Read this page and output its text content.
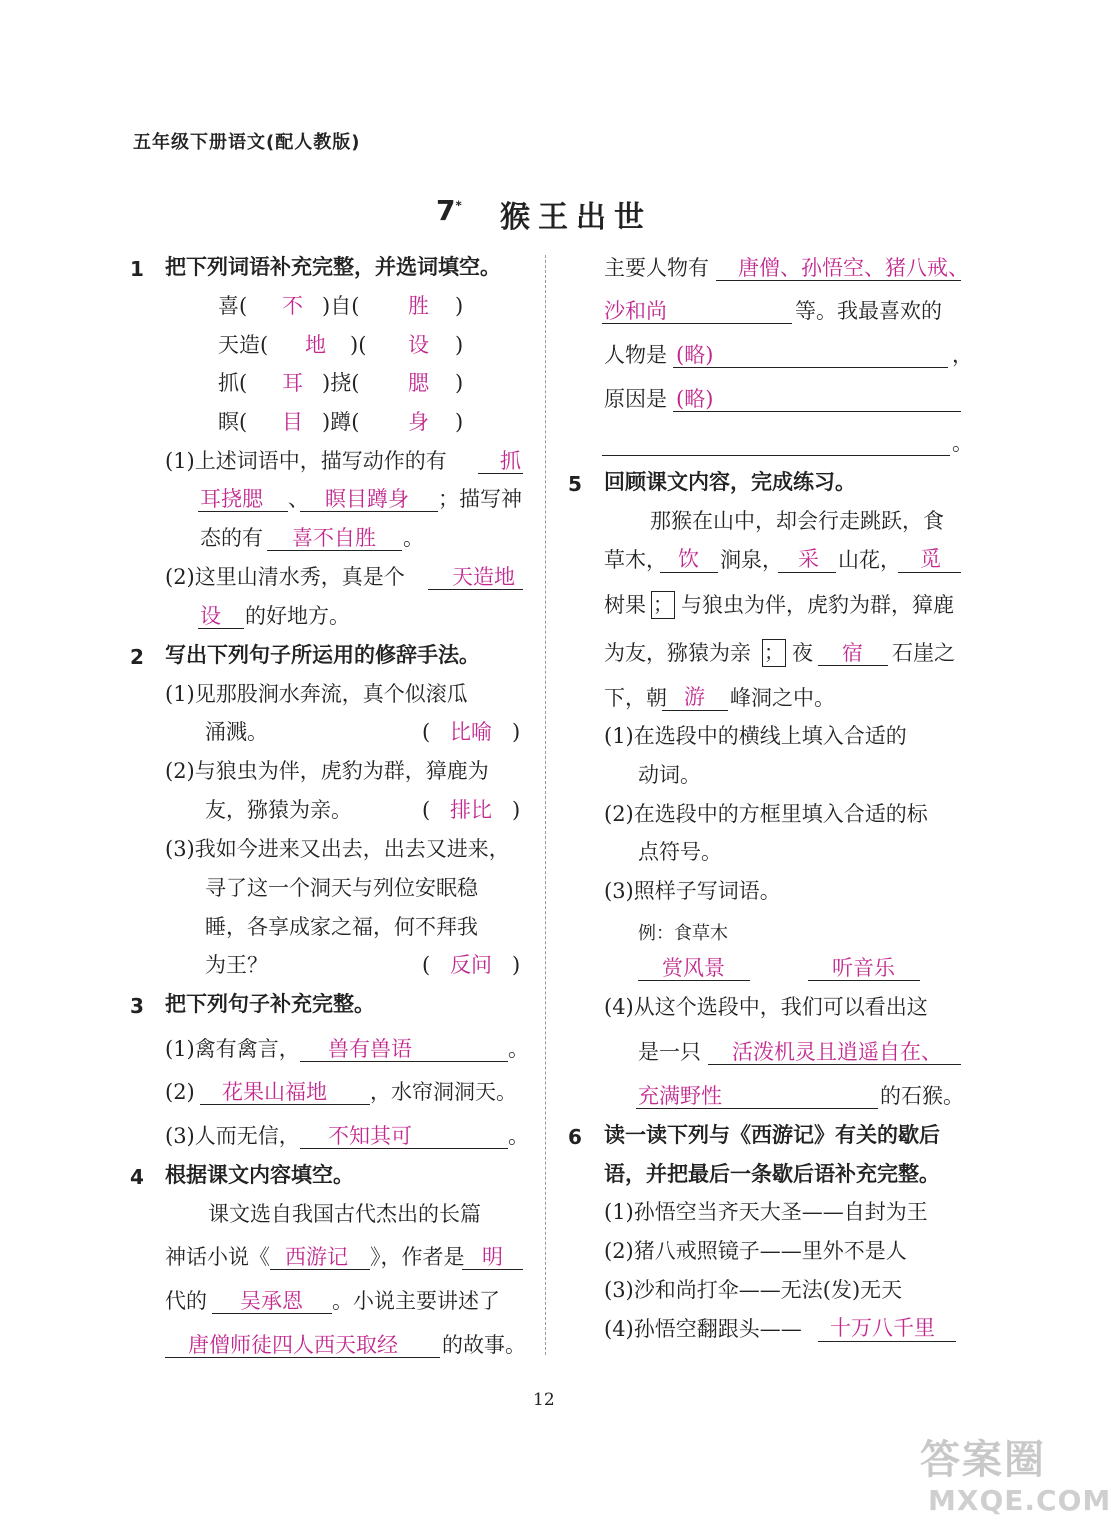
五年级下册语文(配人教版)
7* 猴王出世
1 把下列词语补充完整，并选词填空。
喜( 不 )自( 胜 )
天造( 地 )( 设 )
抓( 耳 )挠( 腮 )
瞑( 目 )蹲( 身 )
(1)上述词语中，描写动作的有	抓
耳挠腮 、 瞑目蹲身 ；描写神
态的有 喜不自胜 。
(2)这里山清水秀，真是个 天造地
设 的好地方。
2 写出下列句子所运用的修辞手法。
(1)见那股涧水奔流，真个似滚瓜
涌溅。	( 比喻 )
(2)与狼虫为伴，虎豹为群，獐鹿为
友，猕猿为亲。	( 排比 )
(3)我如今进来又出去，出去又进来，
寻了这一个洞天与列位安眠稳
睡，各享成家之福，何不拜我
为王？	( 反问 )
3 把下列句子补充完整。
(1)禽有禽言， 兽有兽语	。
(2) 花果山福地 ，水帘洞洞天。
(3)人而无信， 不知其可	。
4 根据课文内容填空。
课文选自我国古代杰出的长篇
神话小说《 西游记 》，作者是 明
代的 吴承恩 。小说主要讲述了
唐僧师徒四人西天取经 的故事。
主要人物有 唐僧、孙悟空、猪八戒、
沙和尚	等。我最喜欢的
人物是 (略)	，
原因是 (略)
。
5 回顾课文内容，完成练习。
那猴在山中，却会行走跳跃，食
草木， 饮 涧泉， 采 山花， 觅
树果 ； 与狼虫为伴，虎豹为群，獐鹿
为友，猕猿为亲 ； 夜 宿 石崖之
下，朝 游 峰洞之中。
(1)在选段中的横线上填入合适的
动词。
(2)在选段中的方框里填入合适的标
点符号。
(3)照样子写词语。
例：食草木
赏风景	听音乐
(4)从这个选段中，我们可以看出这
是一只 活泼机灵且逍遥自在、
充满野性	的石猴。
6 读一读下列与《西游记》有关的歇后
语，并把最后一条歇后语补充完整。
(1)孙悟空当齐天大圣——自封为王
(2)猪八戒照镜子——里外不是人
(3)沙和尚打伞——无法(发)无天
(4)孙悟空翻跟头—— 十万八千里
12
答案圈
MXQE.COM
